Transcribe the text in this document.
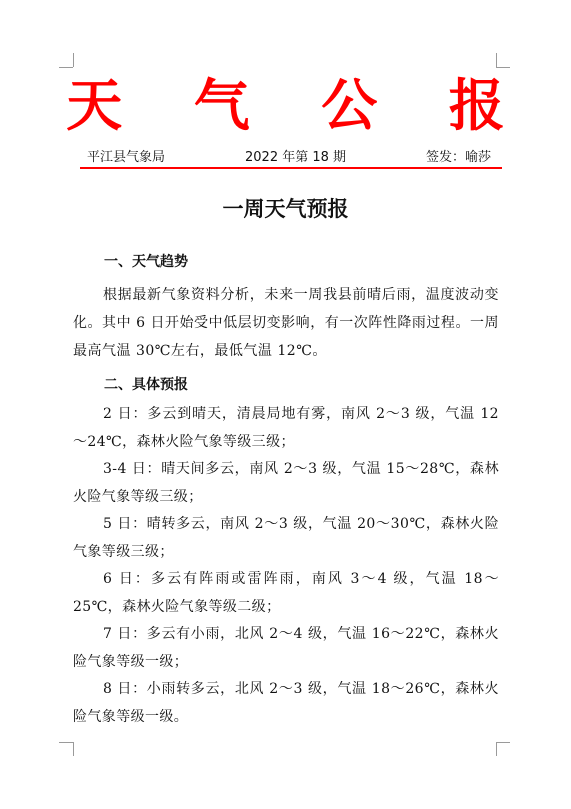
天 气 公 报
平江县气象局	2022 年第 18 期	签发：喻莎
一周天气预报
一、天气趋势

根据最新气象资料分析，未来一周我县前晴后雨，温度波动变化。其中 6 日开始受中低层切变影响，有一次阵性降雨过程。一周最高气温 30℃左右，最低气温 12℃。

二、具体预报

2 日：多云到晴天，清晨局地有雾，南风 2～3 级，气温 12～24℃，森林火险气象等级三级；

3-4 日：晴天间多云，南风 2～3 级，气温 15～28℃，森林火险气象等级三级；

5 日：晴转多云，南风 2～3 级，气温 20～30℃，森林火险气象等级三级；

6 日：多云有阵雨或雷阵雨，南风 3～4 级，气温 18～25℃，森林火险气象等级二级；

7 日：多云有小雨，北风 2～4 级，气温 16～22℃，森林火险气象等级一级；

8 日：小雨转多云，北风 2～3 级，气温 18～26℃，森林火险气象等级一级。
